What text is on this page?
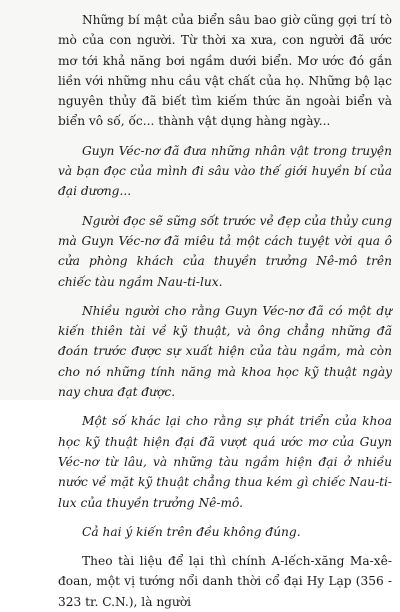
Những bí mật của biển sâu bao giờ cũng gợi trí tò mò của con người. Từ thời xa xưa, con người đã ước mơ tới khả năng bơi ngầm dưới biển. Mơ ước đó gắn liền với những nhu cầu vật chất của họ. Những bộ lạc nguyên thủy đã biết tìm kiếm thức ăn ngoài biển và biển vô số, ốc... thành vật dụng hàng ngày...

Guyn Véc-nơ đã đưa những nhân vật trong truyện và bạn đọc của mình đi sâu vào thế giới huyền bí của đại dương...

Người đọc sẽ sững sốt trước vẻ đẹp của thủy cung mà Guyn Véc-nơ đã miêu tả một cách tuyệt vời qua ô cửa phòng khách của thuyền trưởng Nê-mô trên chiếc tàu ngầm Nau-ti-lux.

Nhiều người cho rằng Guyn Véc-nơ đã có một dự kiến thiên tài về kỹ thuật, và ông chẳng những đã đoán trước được sự xuất hiện của tàu ngầm, mà còn cho nó những tính năng mà khoa học kỹ thuật ngày nay chưa đạt được.

Một số khác lại cho rằng sự phát triển của khoa học kỹ thuật hiện đại đã vượt quá ước mơ của Guyn Véc-nơ từ lâu, và những tàu ngầm hiện đại ở nhiều nước về mặt kỹ thuật chẳng thua kém gì chiếc Nau-ti-lux của thuyền trưởng Nê-mô.

Cả hai ý kiến trên đều không đúng.

Theo tài liệu để lại thì chính A-lếch-xăng Ma-xê-đoan, một vị tướng nổi danh thời cổ đại Hy Lạp (356 - 323 tr. C.N.), là người
